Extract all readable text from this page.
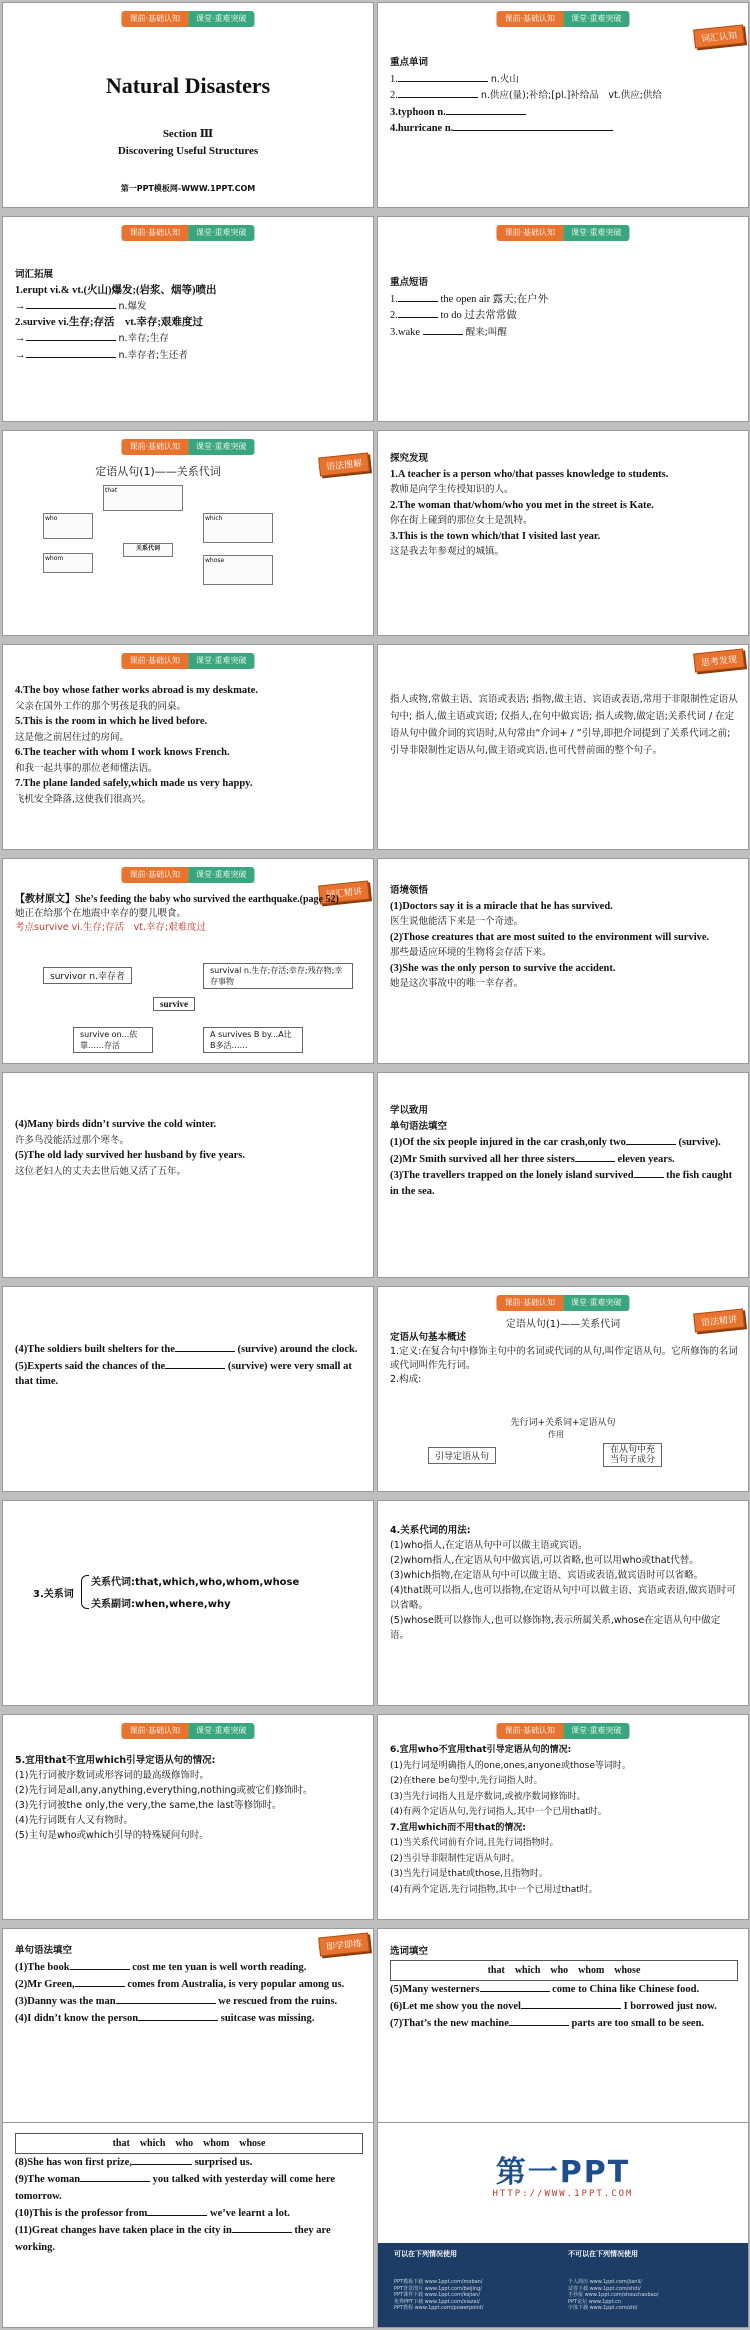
课前·基础认知	课堂·重难突破
Natural Disasters
Section Ⅲ
Discovering Useful Structures
第一PPT模板网-WWW.1PPT.COM
课前·基础认知	课堂·重难突破
词汇认知

重点单词

1.	n.火山

2.	n.供应(量);补给;[pl.]补给品　vt.供应;供给

3.typhoon n.

4.hurricane n.

课前·基础认知	课堂·重难突破

词汇拓展

1.erupt vi.& vt.(火山)爆发;(岩浆、烟等)喷出

→	n.爆发

2.survive vi.生存;存活　vt.幸存;艰难度过

→	n.幸存;生存

→	n.幸存者;生还者

课前·基础认知	课堂·重难突破

重点短语

1.	the open air 露天;在户外

2.	to do 过去常常做

3.wake	醒来;叫醒

课前·基础认知	课堂·重难突破
语法图解
定语从句(1)——关系代词
that
who	which
whom	whose
关系代词

探究发现

1.A teacher is a person who/that passes knowledge to students.

教师是向学生传授知识的人。

2.The woman that/whom/who you met in the street is Kate.

你在街上碰到的那位女士是凯特。

3.This is the town which/that I visited last year.

这是我去年参观过的城镇。

课前·基础认知	课堂·重难突破

4.The boy whose father works abroad is my deskmate.

父亲在国外工作的那个男孩是我的同桌。

5.This is the room in which he lived before.

这是他之前居住过的房间。

6.The teacher with whom I work knows French.

和我一起共事的那位老师懂法语。

7.The plane landed safely,which made us very happy.

飞机安全降落,这使我们很高兴。

思考发现
指人或物,常做主语、宾语或表语; 指物,做主语、宾语或表语,常用于非限制性定语从句中; 指人,做主语或宾语; 仅指人,在句中做宾语; 指人或物,做定语;关系代词 / 在定语从句中做介词的宾语时,从句常由“介词+ / ”引导,即把介词提到了关系代词之前; 引导非限制性定语从句,做主语或宾语,也可代替前面的整个句子。
课前·基础认知	课堂·重难突破
词汇精讲

【教材原文】She’s feeding the baby who survived the earthquake.(page 52)

她正在给那个在地震中幸存的婴儿喂食。

考点survive vi.生存;存活　vt.幸存;艰难度过

survivor n.幸存者
survival n.生存;存活;幸存;残存物;幸存事物
survive
survive on...依靠……存活
A survives B by...A比B多活……

语境领悟

(1)Doctors say it is a miracle that he has survived.

医生说他能活下来是一个奇迹。

(2)Those creatures that are most suited to the environment will survive.

那些最适应环境的生物将会存活下来。

(3)She was the only person to survive the accident.

她是这次事故中的唯一幸存者。

(4)Many birds didn’t survive the cold winter.

许多鸟没能活过那个寒冬。

(5)The old lady survived her husband by five years.

这位老妇人的丈夫去世后她又活了五年。

学以致用

单句语法填空

(1)Of the six people injured in the car crash,only two	(survive).

(2)Mr Smith survived all her three sisters	eleven years.

(3)The travellers trapped on the lonely island survived	the fish caught in the sea.

(4)The soldiers built shelters for the	(survive) around the clock.

(5)Experts said the chances of the	(survive) were very small at that time.

课前·基础认知	课堂·重难突破
语法精讲
定语从句(1)——关系代词

定语从句基本概述

1.定义:在复合句中修饰主句中的名词或代词的从句,叫作定语从句。它所修饰的名词或代词叫作先行词。

2.构成:

先行词+关系词+定语从句
作用
引导定语从句
在从句中充
当句子成分
3.关系词
关系代词:that,which,who,whom,whose
关系副词:when,where,why

4.关系代词的用法:

(1)who指人,在定语从句中可以做主语或宾语。

(2)whom指人,在定语从句中做宾语,可以省略,也可以用who或that代替。

(3)which指物,在定语从句中可以做主语、宾语或表语,做宾语时可以省略。

(4)that既可以指人,也可以指物,在定语从句中可以做主语、宾语或表语,做宾语时可以省略。

(5)whose既可以修饰人,也可以修饰物,表示所属关系,whose在定语从句中做定语。

课前·基础认知	课堂·重难突破

5.宜用that不宜用which引导定语从句的情况:

(1)先行词被序数词或形容词的最高级修饰时。

(2)先行词是all,any,anything,everything,nothing或被它们修饰时。

(3)先行词被the only,the very,the same,the last等修饰时。

(4)先行词既有人又有物时。

(5)主句是who或which引导的特殊疑问句时。

课前·基础认知	课堂·重难突破

6.宜用who不宜用that引导定语从句的情况:

(1)先行词是明确指人的one,ones,anyone或those等词时。

(2)在there be句型中,先行词指人时。

(3)当先行词指人且是序数词,或被序数词修饰时。

(4)有两个定语从句,先行词指人,其中一个已用that时。

7.宜用which而不用that的情况:

(1)当关系代词前有介词,且先行词指物时。

(2)当引导非限制性定语从句时。

(3)当先行词是that或those,且指物时。

(4)有两个定语,先行词指物,其中一个已用过that时。

即学即练

单句语法填空

(1)The book	cost me ten yuan is well worth reading.

(2)Mr Green,	comes from Australia, is very popular among us.

(3)Danny was the man	we rescued from the ruins.

(4)I didn’t know the person	suitcase was missing.

选词填空

that　which　who　whom　whose

(5)Many westerners	come to China like Chinese food.

(6)Let me show you the novel	I borrowed just now.

(7)That’s the new machine	parts are too small to be seen.

that　which　who　whom　whose

(8)She has won first prize,	surprised us.

(9)The woman	you talked with yesterday will come here tomorrow.

(10)This is the professor from	we’ve learnt a lot.

(11)Great changes have taken place in the city in	they are working.

第一PPT
HTTP://WWW.1PPT.COM
可以在下列情况使用	不可以在下列情况使用
PPT模板下载 www.1ppt.com/moban/
PPT背景图片 www.1ppt.com/beijing/
PPT课件下载 www.1ppt.com/kejian/
优秀PPT下载 www.1ppt.com/xiazai/
PPT教程 www.1ppt.com/powerpoint/
个人简历 www.1ppt.com/jianli/
试卷下载 www.1ppt.com/shiti/
手抄报 www.1ppt.com/shouchaobao/
PPT论坛 www.1ppt.cn
字体下载 www.1ppt.com/ziti/
